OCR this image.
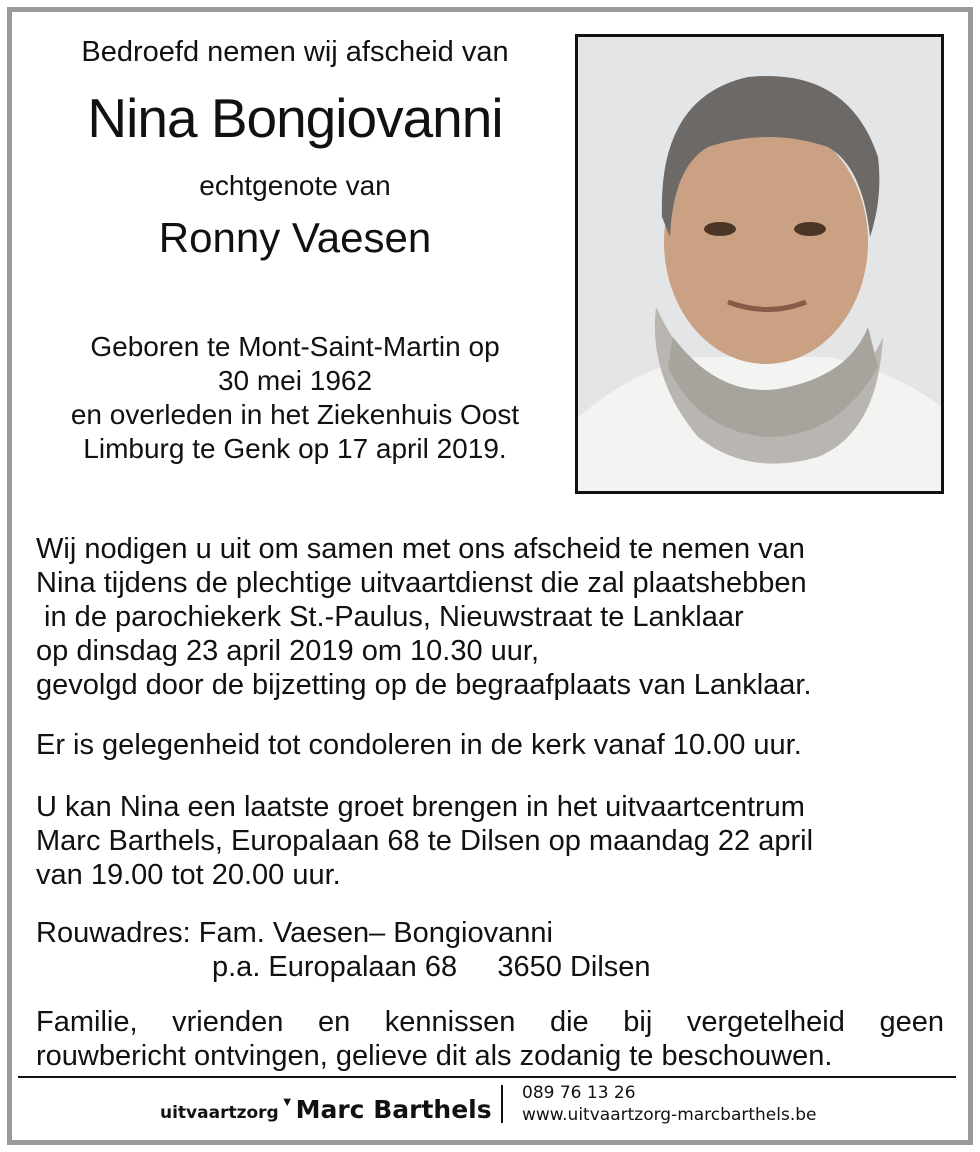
Bedroefd nemen wij afscheid van
Nina Bongiovanni
echtgenote van
Ronny Vaesen
Geboren te Mont-Saint-Martin op
30 mei 1962
en overleden in het Ziekenhuis Oost
Limburg te Genk op 17 april 2019.
Wij nodigen u uit om samen met ons afscheid te nemen van
Nina tijdens de plechtige uitvaartdienst die zal plaatshebben
in de parochiekerk St.-Paulus, Nieuwstraat te Lanklaar
op dinsdag 23 april 2019 om 10.30 uur,
gevolgd door de bijzetting op de begraafplaats van Lanklaar.
Er is gelegenheid tot condoleren in de kerk vanaf 10.00 uur.
U kan Nina een laatste groet brengen in het uitvaartcentrum
Marc Barthels, Europalaan 68 te Dilsen op maandag 22 april
van 19.00 tot 20.00 uur.
Rouwadres: Fam. Vaesen– Bongiovanni
p.a. Europalaan 68     3650 Dilsen
Familie, vrienden en kennissen die bij vergetelheid geen
rouwbericht ontvingen, gelieve dit als zodanig te beschouwen.
uitvaartzorg▼Marc Barthels
089 76 13 26
www.uitvaartzorg-marcbarthels.be
